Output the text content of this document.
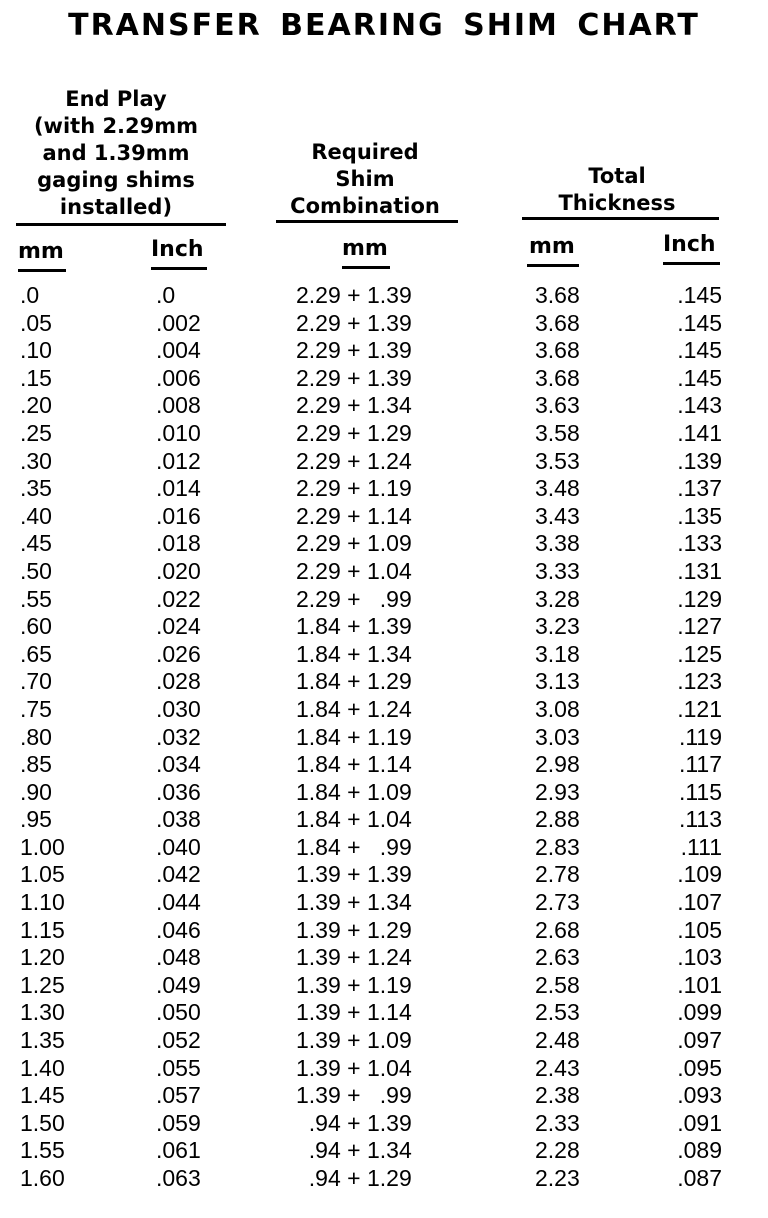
TRANSFER BEARING SHIM CHART
End Play
(with 2.29mm
and 1.39mm
gaging shims
installed)
Required
Shim
Combination
Total
Thickness
mm	Inch	mm	mm	Inch
.0	.0	2.29 + 1.39	3.68	.145
.05	.002	2.29 + 1.39	3.68	.145
.10	.004	2.29 + 1.39	3.68	.145
.15	.006	2.29 + 1.39	3.68	.145
.20	.008	2.29 + 1.34	3.63	.143
.25	.010	2.29 + 1.29	3.58	.141
.30	.012	2.29 + 1.24	3.53	.139
.35	.014	2.29 + 1.19	3.48	.137
.40	.016	2.29 + 1.14	3.43	.135
.45	.018	2.29 + 1.09	3.38	.133
.50	.020	2.29 + 1.04	3.33	.131
.55	.022	2.29 +   .99	3.28	.129
.60	.024	1.84 + 1.39	3.23	.127
.65	.026	1.84 + 1.34	3.18	.125
.70	.028	1.84 + 1.29	3.13	.123
.75	.030	1.84 + 1.24	3.08	.121
.80	.032	1.84 + 1.19	3.03	.119
.85	.034	1.84 + 1.14	2.98	.117
.90	.036	1.84 + 1.09	2.93	.115
.95	.038	1.84 + 1.04	2.88	.113
1.00	.040	1.84 +   .99	2.83	.111
1.05	.042	1.39 + 1.39	2.78	.109
1.10	.044	1.39 + 1.34	2.73	.107
1.15	.046	1.39 + 1.29	2.68	.105
1.20	.048	1.39 + 1.24	2.63	.103
1.25	.049	1.39 + 1.19	2.58	.101
1.30	.050	1.39 + 1.14	2.53	.099
1.35	.052	1.39 + 1.09	2.48	.097
1.40	.055	1.39 + 1.04	2.43	.095
1.45	.057	1.39 +   .99	2.38	.093
1.50	.059	.94 + 1.39	2.33	.091
1.55	.061	.94 + 1.34	2.28	.089
1.60	.063	.94 + 1.29	2.23	.087
